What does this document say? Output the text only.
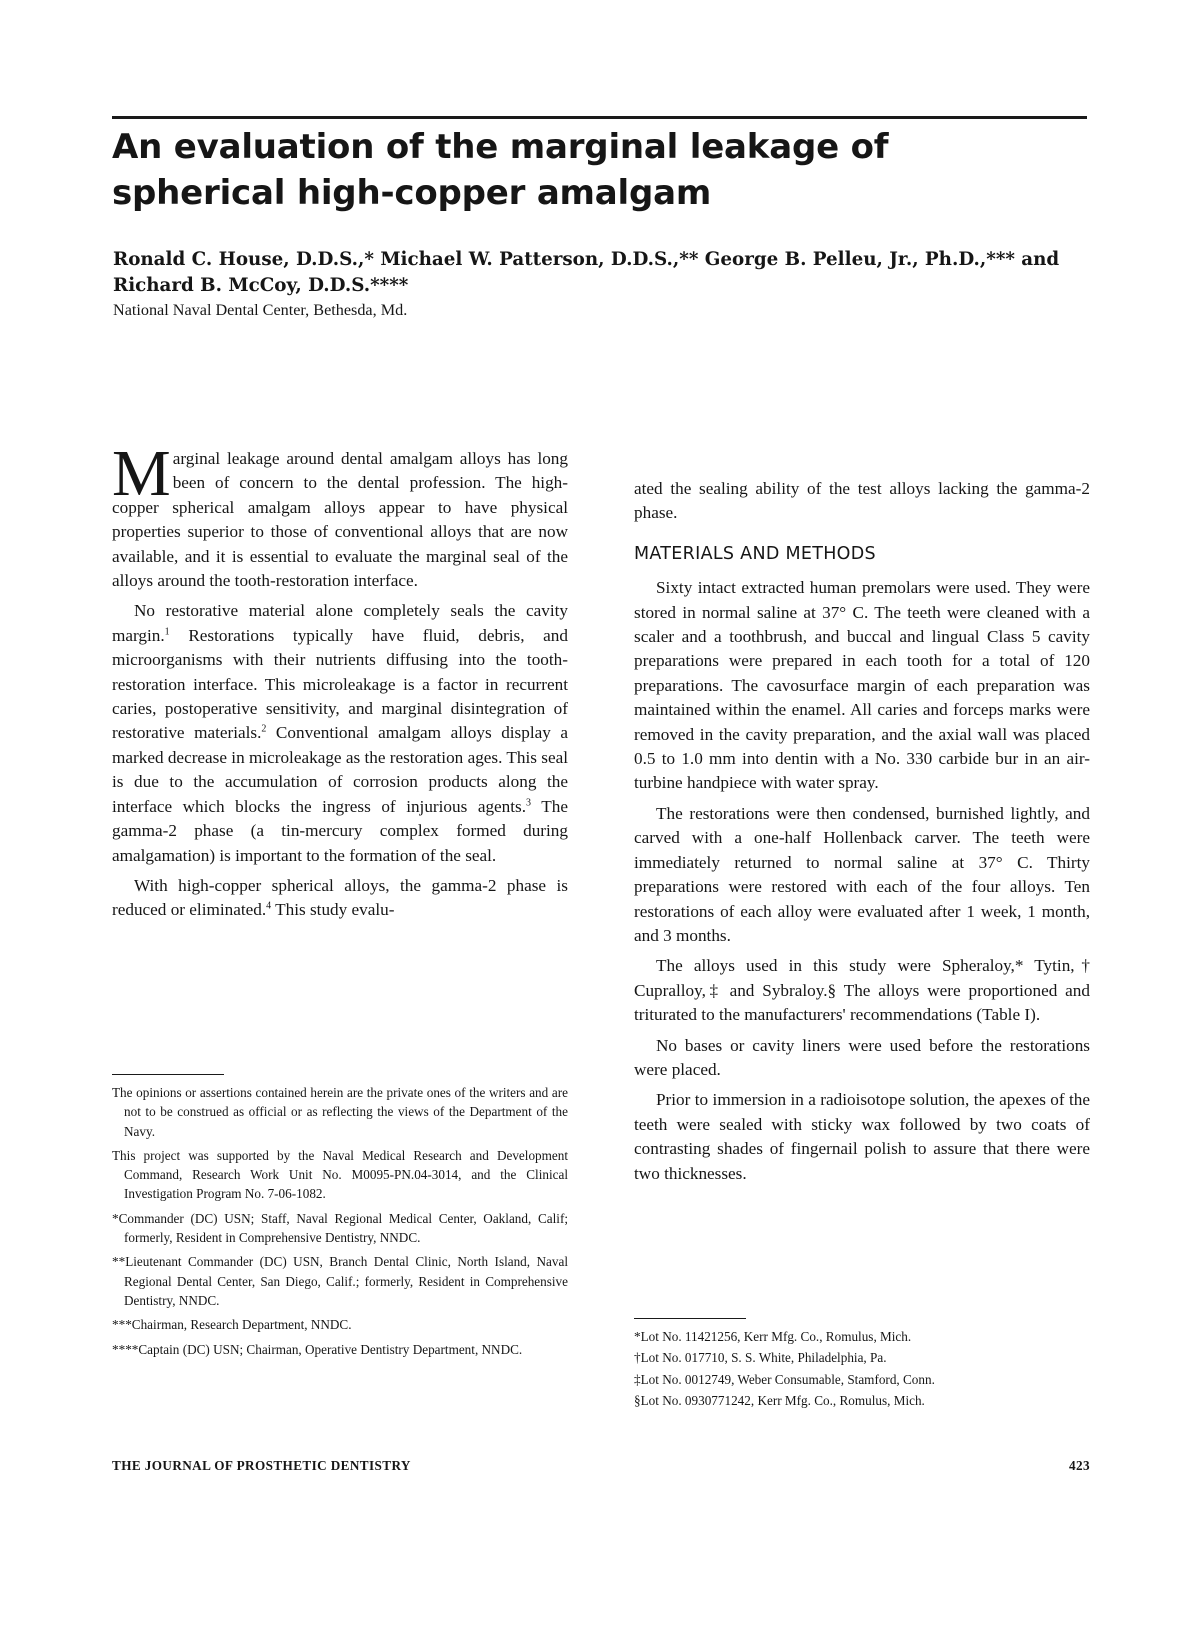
An evaluation of the marginal leakage of spherical high-copper amalgam
Ronald C. House, D.D.S.,* Michael W. Patterson, D.D.S.,** George B. Pelleu, Jr., Ph.D.,*** and
Richard B. McCoy, D.D.S.****
National Naval Dental Center, Bethesda, Md.

Marginal leakage around dental amalgam alloys has long been of concern to the dental profession. The high-copper spherical amalgam alloys appear to have physical properties superior to those of conventional alloys that are now available, and it is essential to evaluate the marginal seal of the alloys around the tooth-restoration interface.

No restorative material alone completely seals the cavity margin.$^1$ Restorations typically have fluid, debris, and microorganisms with their nutrients diffusing into the tooth-restoration interface. This microleakage is a factor in recurrent caries, postoperative sensitivity, and marginal disintegration of restorative materials.$^2$ Conventional amalgam alloys display a marked decrease in microleakage as the restoration ages. This seal is due to the accumulation of corrosion products along the interface which blocks the ingress of injurious agents.$^3$ The gamma-2 phase (a tin-mercury complex formed during amalgamation) is important to the formation of the seal.

With high-copper spherical alloys, the gamma-2 phase is reduced or eliminated.$^4$ This study evalu-

ated the sealing ability of the test alloys lacking the gamma-2 phase.

MATERIALS AND METHODS

Sixty intact extracted human premolars were used. They were stored in normal saline at 37° C. The teeth were cleaned with a scaler and a toothbrush, and buccal and lingual Class 5 cavity preparations were prepared in each tooth for a total of 120 preparations. The cavosurface margin of each preparation was maintained within the enamel. All caries and forceps marks were removed in the cavity preparation, and the axial wall was placed 0.5 to 1.0 mm into dentin with a No. 330 carbide bur in an air-turbine handpiece with water spray.

The restorations were then condensed, burnished lightly, and carved with a one-half Hollenback carver. The teeth were immediately returned to normal saline at 37° C. Thirty preparations were restored with each of the four alloys. Ten restorations of each alloy were evaluated after 1 week, 1 month, and 3 months.

The alloys used in this study were Spheraloy,* Tytin,† Cupralloy,‡ and Sybraloy.§ The alloys were proportioned and triturated to the manufacturers' recommendations (Table I).

No bases or cavity liners were used before the restorations were placed.

Prior to immersion in a radioisotope solution, the apexes of the teeth were sealed with sticky wax followed by two coats of contrasting shades of fingernail polish to assure that there were two thicknesses.

The opinions or assertions contained herein are the private ones of the writers and are not to be construed as official or as reflecting the views of the Department of the Navy.

This project was supported by the Naval Medical Research and Development Command, Research Work Unit No. M0095-PN.04-3014, and the Clinical Investigation Program No. 7-06-1082.

*Commander (DC) USN; Staff, Naval Regional Medical Center, Oakland, Calif; formerly, Resident in Comprehensive Dentistry, NNDC.

**Lieutenant Commander (DC) USN, Branch Dental Clinic, North Island, Naval Regional Dental Center, San Diego, Calif.; formerly, Resident in Comprehensive Dentistry, NNDC.

***Chairman, Research Department, NNDC.

****Captain (DC) USN; Chairman, Operative Dentistry Department, NNDC.

*Lot No. 11421256, Kerr Mfg. Co., Romulus, Mich.

†Lot No. 017710, S. S. White, Philadelphia, Pa.

‡Lot No. 0012749, Weber Consumable, Stamford, Conn.

§Lot No. 0930771242, Kerr Mfg. Co., Romulus, Mich.

THE JOURNAL OF PROSTHETIC DENTISTRY	423
